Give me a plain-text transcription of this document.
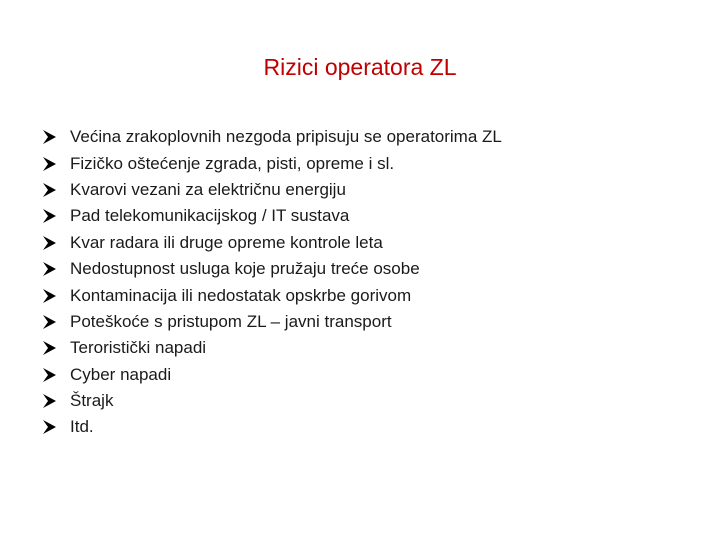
Rizici operatora ZL
Većina zrakoplovnih nezgoda pripisuju se operatorima ZL
Fizičko oštećenje zgrada, pisti, opreme i sl.
Kvarovi vezani za električnu energiju
Pad telekomunikacijskog / IT sustava
Kvar radara ili druge opreme kontrole leta
Nedostupnost usluga koje pružaju treće osobe
Kontaminacija ili nedostatak opskrbe gorivom
Poteškoće s pristupom ZL – javni transport
Teroristički napadi
Cyber napadi
Štrajk
Itd.
